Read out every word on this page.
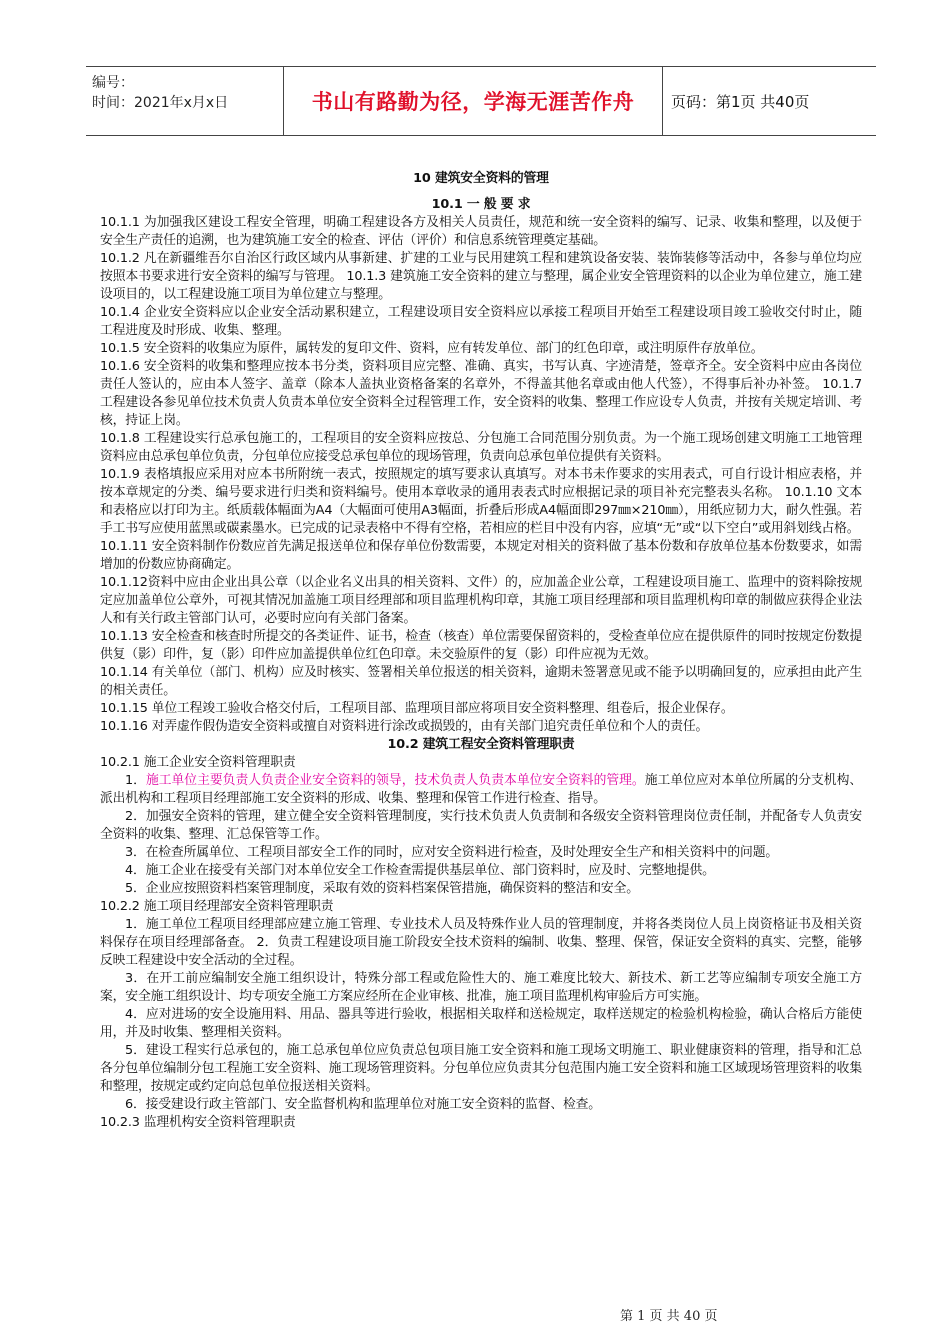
编号：
时间：2021年x月x日	书山有路勤为径，学海无涯苦作舟 页码：第1页 共40页

10 建筑安全资料的管理

10.1 一 般 要 求

10.1.1 为加强我区建设工程安全管理，明确工程建设各方及相关人员责任，规范和统一安全资料的编写、记录、收集和整理，以及便于安全生产责任的追溯，也为建筑施工安全的检查、评估（评价）和信息系统管理奠定基础。

10.1.2 凡在新疆维吾尔自治区行政区域内从事新建、扩建的工业与民用建筑工程和建筑设备安装、装饰装修等活动中，各参与单位均应按照本书要求进行安全资料的编写与管理。 10.1.3 建筑施工安全资料的建立与整理，属企业安全管理资料的以企业为单位建立，施工建设项目的，以工程建设施工项目为单位建立与整理。

10.1.4 企业安全资料应以企业安全活动累积建立，工程建设项目安全资料应以承接工程项目开始至工程建设项目竣工验收交付时止，随工程进度及时形成、收集、整理。

10.1.5 安全资料的收集应为原件，属转发的复印文件、资料，应有转发单位、部门的红色印章，或注明原件存放单位。

10.1.6 安全资料的收集和整理应按本书分类，资料项目应完整、准确、真实，书写认真、字迹清楚，签章齐全。安全资料中应由各岗位责任人签认的，应由本人签字、盖章（除本人盖执业资格备案的名章外，不得盖其他名章或由他人代签），不得事后补办补签。 10.1.7 工程建设各参见单位技术负责人负责本单位安全资料全过程管理工作，安全资料的收集、整理工作应设专人负责，并按有关规定培训、考核，持证上岗。

10.1.8 工程建设实行总承包施工的，工程项目的安全资料应按总、分包施工合同范围分别负责。为一个施工现场创建文明施工工地管理资料应由总承包单位负责，分包单位应接受总承包单位的现场管理，负责向总承包单位提供有关资料。

10.1.9 表格填报应采用对应本书所附统一表式，按照规定的填写要求认真填写。对本书未作要求的实用表式，可自行设计相应表格，并按本章规定的分类、编号要求进行归类和资料编号。使用本章收录的通用表表式时应根据记录的项目补充完整表头名称。 10.1.10 文本和表格应以打印为主。纸质载体幅面为A4（大幅面可使用A3幅面，折叠后形成A4幅面即297㎜×210㎜），用纸应韧力大，耐久性强。若手工书写应使用蓝黑或碳素墨水。已完成的记录表格中不得有空格，若相应的栏目中没有内容，应填“无”或“以下空白”或用斜划线占格。

10.1.11 安全资料制作份数应首先满足报送单位和保存单位份数需要，本规定对相关的资料做了基本份数和存放单位基本份数要求，如需增加的份数应协商确定。

10.1.12资料中应由企业出具公章（以企业名义出具的相关资料、文件）的，应加盖企业公章，工程建设项目施工、监理中的资料除按规定应加盖单位公章外，可视其情况加盖施工项目经理部和项目监理机构印章，其施工项目经理部和项目监理机构印章的制做应获得企业法人和有关行政主管部门认可，必要时应向有关部门备案。

10.1.13 安全检查和核查时所提交的各类证件、证书，检查（核查）单位需要保留资料的，受检查单位应在提供原件的同时按规定份数提供复（影）印件，复（影）印件应加盖提供单位红色印章。未交验原件的复（影）印件应视为无效。

10.1.14 有关单位（部门、机构）应及时核实、签署相关单位报送的相关资料，逾期未签署意见或不能予以明确回复的，应承担由此产生的相关责任。

10.1.15 单位工程竣工验收合格交付后，工程项目部、监理项目部应将项目安全资料整理、组卷后，报企业保存。

10.1.16 对弄虚作假伪造安全资料或擅自对资料进行涂改或损毁的，由有关部门追究责任单位和个人的责任。

10.2 建筑工程安全资料管理职责

10.2.1 施工企业安全资料管理职责

1．施工单位主要负责人负责企业安全资料的领导，技术负责人负责本单位安全资料的管理。施工单位应对本单位所属的分支机构、派出机构和工程项目经理部施工安全资料的形成、收集、整理和保管工作进行检查、指导。

2．加强安全资料的管理，建立健全安全资料管理制度，实行技术负责人负责制和各级安全资料管理岗位责任制，并配备专人负责安全资料的收集、整理、汇总保管等工作。

3．在检查所属单位、工程项目部安全工作的同时，应对安全资料进行检查，及时处理安全生产和相关资料中的问题。

4．施工企业在接受有关部门对本单位安全工作检查需提供基层单位、部门资料时，应及时、完整地提供。

5．企业应按照资料档案管理制度，采取有效的资料档案保管措施，确保资料的整洁和安全。

10.2.2 施工项目经理部安全资料管理职责

1．施工单位工程项目经理部应建立施工管理、专业技术人员及特殊作业人员的管理制度，并将各类岗位人员上岗资格证书及相关资料保存在项目经理部备查。 2．负责工程建设项目施工阶段安全技术资料的编制、收集、整理、保管，保证安全资料的真实、完整，能够反映工程建设中安全活动的全过程。

3．在开工前应编制安全施工组织设计，特殊分部工程或危险性大的、施工难度比较大、新技术、新工艺等应编制专项安全施工方案，安全施工组织设计、均专项安全施工方案应经所在企业审核、批准，施工项目监理机构审验后方可实施。

4．应对进场的安全设施用料、用品、器具等进行验收，根据相关取样和送检规定，取样送规定的检验机构检验，确认合格后方能使用，并及时收集、整理相关资料。

5．建设工程实行总承包的，施工总承包单位应负责总包项目施工安全资料和施工现场文明施工、职业健康资料的管理，指导和汇总各分包单位编制分包工程施工安全资料、施工现场管理资料。分包单位应负责其分包范围内施工安全资料和施工区域现场管理资料的收集和整理，按规定或约定向总包单位报送相关资料。

6．接受建设行政主管部门、安全监督机构和监理单位对施工安全资料的监督、检查。

10.2.3 监理机构安全资料管理职责

第 1 页 共 40 页
